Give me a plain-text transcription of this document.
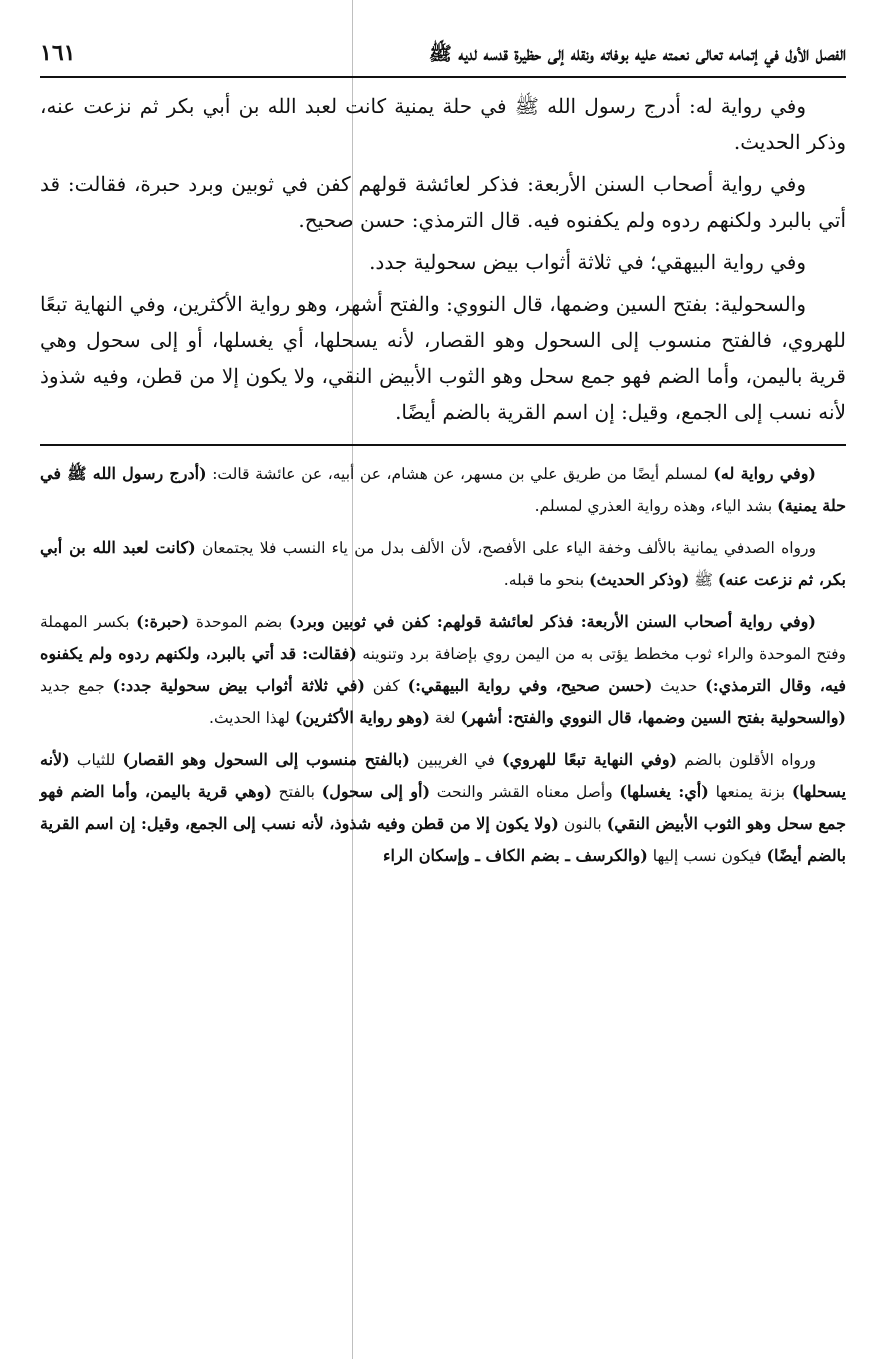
الفصل الأول في إتمامه تعالى نعمته عليه بوفاته ونقله إلى حظيرة قدسه لديه ﷺ
١٦١

وفي رواية له: أدرج رسول الله ﷺ في حلة يمنية كانت لعبد الله بن أبي بكر ثم نزعت عنه، وذكر الحديث.

وفي رواية أصحاب السنن الأربعة: فذكر لعائشة قولهم كفن في ثوبين وبرد حبرة، فقالت: قد أتي بالبرد ولكنهم ردوه ولم يكفنوه فيه. قال الترمذي: حسن صحيح.

وفي رواية البيهقي؛ في ثلاثة أثواب بيض سحولية جدد.

والسحولية: بفتح السين وضمها، قال النووي: والفتح أشهر، وهو رواية الأكثرين، وفي النهاية تبعًا للهروي، فالفتح منسوب إلى السحول وهو القصار، لأنه يسحلها، أي يغسلها، أو إلى سحول وهي قرية باليمن، وأما الضم فهو جمع سحل وهو الثوب الأبيض النقي، ولا يكون إلا من قطن، وفيه شذوذ لأنه نسب إلى الجمع، وقيل: إن اسم القرية بالضم أيضًا.

(وفي رواية له) لمسلم أيضًا من طريق علي بن مسهر، عن هشام، عن أبيه، عن عائشة قالت: (أدرج رسول الله ﷺ في حلة يمنية) بشد الياء، وهذه رواية العذري لمسلم.

ورواه الصدفي يمانية بالألف وخفة الياء على الأفصح، لأن الألف بدل من ياء النسب فلا يجتمعان (كانت لعبد الله بن أبي بكر، ثم نزعت عنه) ﷺ (وذكر الحديث) بنحو ما قبله.

(وفي رواية أصحاب السنن الأربعة: فذكر لعائشة قولهم: كفن في ثوبين وبرد) بضم الموحدة (حبرة:) بكسر المهملة وفتح الموحدة والراء ثوب مخطط يؤتى به من اليمن روي بإضافة برد وتنوينه (فقالت: قد أتي بالبرد، ولكنهم ردوه ولم يكفنوه فيه، وقال الترمذي:) حديث (حسن صحيح، وفي رواية البيهقي:) كفن (في ثلاثة أثواب بيض سحولية جدد:) جمع جديد (والسحولية بفتح السين وضمها، قال النووي والفتح: أشهر) لغة (وهو رواية الأكثرين) لهذا الحديث.

ورواه الأقلون بالضم (وفي النهاية تبعًا للهروي) في الغريبين (بالفتح منسوب إلى السحول وهو القصار) للثياب (لأنه يسحلها) بزنة يمنعها (أي: يغسلها) وأصل معناه القشر والنحت (أو إلى سحول) بالفتح (وهي قرية باليمن، وأما الضم فهو جمع سحل وهو الثوب الأبيض النقي) بالنون (ولا يكون إلا من قطن وفيه شذوذ، لأنه نسب إلى الجمع، وقيل: إن اسم القرية بالضم أيضًا) فيكون نسب إليها (والكرسف ـ بضم الكاف ـ وإسكان الراء
